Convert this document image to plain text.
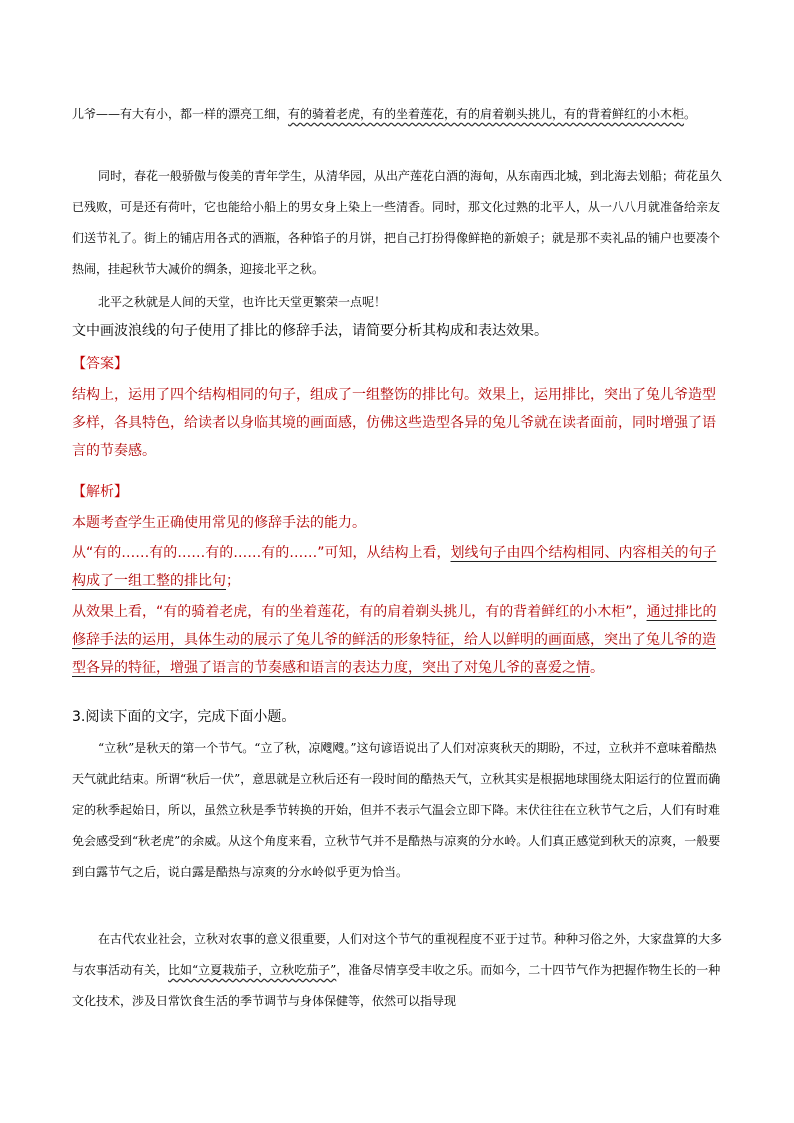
儿爷——有大有小，都一样的漂亮工细，有的骑着老虎，有的坐着莲花，有的肩着剃头挑儿，有的背着鲜红的小木柜。

同时，春花一般骄傲与俊美的青年学生，从清华园，从出产莲花白酒的海甸，从东南西北城，到北海去划船；荷花虽久已残败，可是还有荷叶，它也能给小船上的男女身上染上一些清香。同时，那文化过熟的北平人，从一八八月就准备给亲友们送节礼了。街上的铺店用各式的酒瓶，各种馅子的月饼，把自己打扮得像鲜艳的新娘子；就是那不卖礼品的铺户也要凑个热闹，挂起秋节大减价的绸条，迎接北平之秋。

北平之秋就是人间的天堂，也许比天堂更繁荣一点呢！

文中画波浪线的句子使用了排比的修辞手法，请简要分析其构成和表达效果。

【答案】

结构上，运用了四个结构相同的句子，组成了一组整饬的排比句。效果上，运用排比，突出了兔儿爷造型多样，各具特色，给读者以身临其境的画面感，仿佛这些造型各异的兔儿爷就在读者面前，同时增强了语言的节奏感。

【解析】

本题考查学生正确使用常见的修辞手法的能力。

从“有的……有的……有的……有的……”可知，从结构上看，划线句子由四个结构相同、内容相关的句子构成了一组工整的排比句；

从效果上看，“有的骑着老虎，有的坐着莲花，有的肩着剃头挑儿，有的背着鲜红的小木柜”，通过排比的修辞手法的运用，具体生动的展示了兔儿爷的鲜活的形象特征，给人以鲜明的画面感，突出了兔儿爷的造型各异的特征，增强了语言的节奏感和语言的表达力度，突出了对兔儿爷的喜爱之情。

3.阅读下面的文字，完成下面小题。

“立秋”是秋天的第一个节气。“立了秋，凉飕飕。”这句谚语说出了人们对凉爽秋天的期盼，不过，立秋并不意味着酷热天气就此结束。所谓“秋后一伏”，意思就是立秋后还有一段时间的酷热天气，立秋其实是根据地球围绕太阳运行的位置而确定的秋季起始日，所以，虽然立秋是季节转换的开始，但并不表示气温会立即下降。末伏往往在立秋节气之后，人们有时难免会感受到“秋老虎”的余威。从这个角度来看，立秋节气并不是酷热与凉爽的分水岭。人们真正感觉到秋天的凉爽，一般要到白露节气之后，说白露是酷热与凉爽的分水岭似乎更为恰当。

在古代农业社会，立秋对农事的意义很重要，人们对这个节气的重视程度不亚于过节。种种习俗之外，大家盘算的大多与农事活动有关，比如“立夏栽茄子，立秋吃茄子”，准备尽情享受丰收之乐。而如今，二十四节气作为把握作物生长的一种文化技术，涉及日常饮食生活的季节调节与身体保健等，依然可以指导现
